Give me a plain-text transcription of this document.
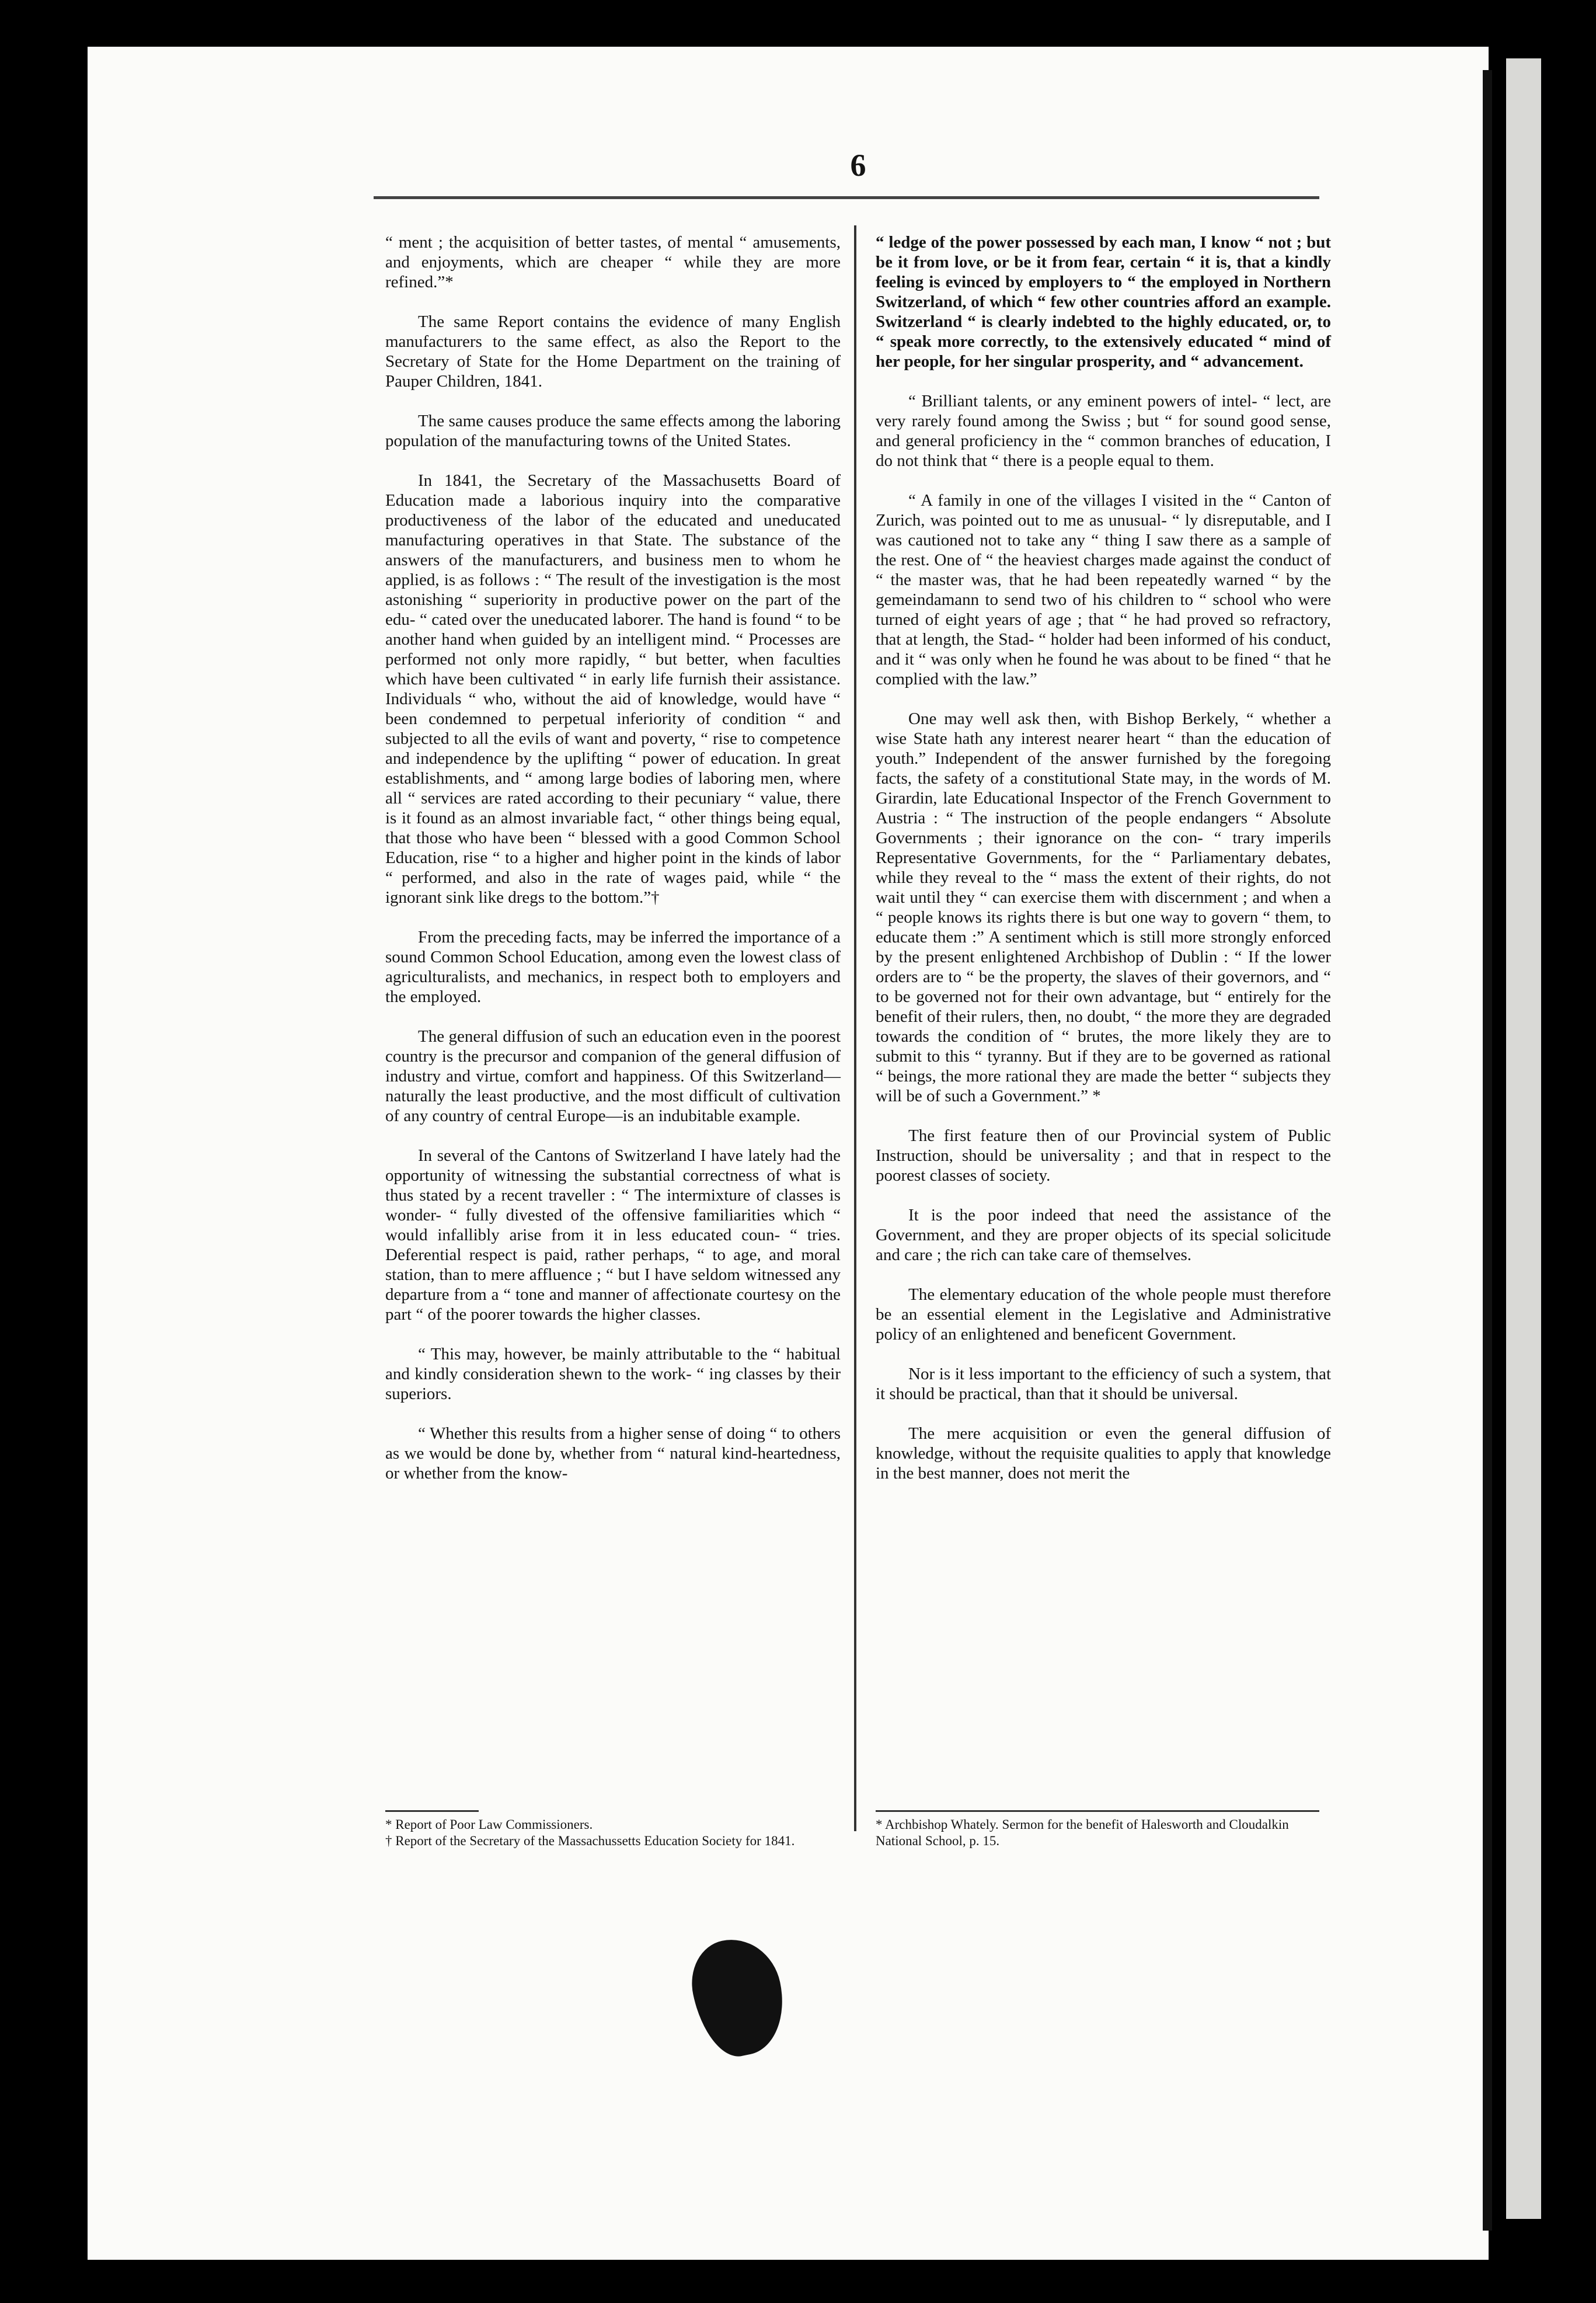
6

“ ment ; the acquisition of better tastes, of mental “ amusements, and enjoyments, which are cheaper “ while they are more refined.”*

The same Report contains the evidence of many English manufacturers to the same effect, as also the Report to the Secretary of State for the Home Department on the training of Pauper Children, 1841.

The same causes produce the same effects among the laboring population of the manufacturing towns of the United States.

In 1841, the Secretary of the Massachusetts Board of Education made a laborious inquiry into the comparative productiveness of the labor of the educated and uneducated manufacturing operatives in that State. The substance of the answers of the manufacturers, and business men to whom he applied, is as follows : “ The result of the investigation is the most astonishing “ superiority in productive power on the part of the edu- “ cated over the uneducated laborer. The hand is found “ to be another hand when guided by an intelligent mind. “ Processes are performed not only more rapidly, “ but better, when faculties which have been cultivated “ in early life furnish their assistance. Individuals “ who, without the aid of knowledge, would have “ been condemned to perpetual inferiority of condition “ and subjected to all the evils of want and poverty, “ rise to competence and independence by the uplifting “ power of education. In great establishments, and “ among large bodies of laboring men, where all “ services are rated according to their pecuniary “ value, there is it found as an almost invariable fact, “ other things being equal, that those who have been “ blessed with a good Common School Education, rise “ to a higher and higher point in the kinds of labor “ performed, and also in the rate of wages paid, while “ the ignorant sink like dregs to the bottom.”†

From the preceding facts, may be inferred the importance of a sound Common School Education, among even the lowest class of agriculturalists, and mechanics, in respect both to employers and the employed.

The general diffusion of such an education even in the poorest country is the precursor and companion of the general diffusion of industry and virtue, comfort and happiness. Of this Switzerland—naturally the least productive, and the most difficult of cultivation of any country of central Europe—is an indubitable example.

In several of the Cantons of Switzerland I have lately had the opportunity of witnessing the substantial correctness of what is thus stated by a recent traveller : “ The intermixture of classes is wonder- “ fully divested of the offensive familiarities which “ would infallibly arise from it in less educated coun- “ tries. Deferential respect is paid, rather perhaps, “ to age, and moral station, than to mere affluence ; “ but I have seldom witnessed any departure from a “ tone and manner of affectionate courtesy on the part “ of the poorer towards the higher classes.

“ This may, however, be mainly attributable to the “ habitual and kindly consideration shewn to the work- “ ing classes by their superiors.

“ Whether this results from a higher sense of doing “ to others as we would be done by, whether from “ natural kind-heartedness, or whether from the know-

“ ledge of the power possessed by each man, I know “ not ; but be it from love, or be it from fear, certain “ it is, that a kindly feeling is evinced by employers to “ the employed in Northern Switzerland, of which “ few other countries afford an example. Switzerland “ is clearly indebted to the highly educated, or, to “ speak more correctly, to the extensively educated “ mind of her people, for her singular prosperity, and “ advancement.

“ Brilliant talents, or any eminent powers of intel- “ lect, are very rarely found among the Swiss ; but “ for sound good sense, and general proficiency in the “ common branches of education, I do not think that “ there is a people equal to them.

“ A family in one of the villages I visited in the “ Canton of Zurich, was pointed out to me as unusual- “ ly disreputable, and I was cautioned not to take any “ thing I saw there as a sample of the rest. One of “ the heaviest charges made against the conduct of “ the master was, that he had been repeatedly warned “ by the gemeindamann to send two of his children to “ school who were turned of eight years of age ; that “ he had proved so refractory, that at length, the Stad- “ holder had been informed of his conduct, and it “ was only when he found he was about to be fined “ that he complied with the law.”

One may well ask then, with Bishop Berkely, “ whether a wise State hath any interest nearer heart “ than the education of youth.” Independent of the answer furnished by the foregoing facts, the safety of a constitutional State may, in the words of M. Girardin, late Educational Inspector of the French Government to Austria : “ The instruction of the people endangers “ Absolute Governments ; their ignorance on the con- “ trary imperils Representative Governments, for the “ Parliamentary debates, while they reveal to the “ mass the extent of their rights, do not wait until they “ can exercise them with discernment ; and when a “ people knows its rights there is but one way to govern “ them, to educate them :” A sentiment which is still more strongly enforced by the present enlightened Archbishop of Dublin : “ If the lower orders are to “ be the property, the slaves of their governors, and “ to be governed not for their own advantage, but “ entirely for the benefit of their rulers, then, no doubt, “ the more they are degraded towards the condition of “ brutes, the more likely they are to submit to this “ tyranny. But if they are to be governed as rational “ beings, the more rational they are made the better “ subjects they will be of such a Government.” *

The first feature then of our Provincial system of Public Instruction, should be universality ; and that in respect to the poorest classes of society.

It is the poor indeed that need the assistance of the Government, and they are proper objects of its special solicitude and care ; the rich can take care of themselves.

The elementary education of the whole people must therefore be an essential element in the Legislative and Administrative policy of an enlightened and beneficent Government.

Nor is it less important to the efficiency of such a system, that it should be practical, than that it should be universal.

The mere acquisition or even the general diffusion of knowledge, without the requisite qualities to apply that knowledge in the best manner, does not merit the

* Report of Poor Law Commissioners.

† Report of the Secretary of the Massachussetts Education Society for 1841.

* Archbishop Whately. Sermon for the benefit of Halesworth and Cloudalkin National School, p. 15.
